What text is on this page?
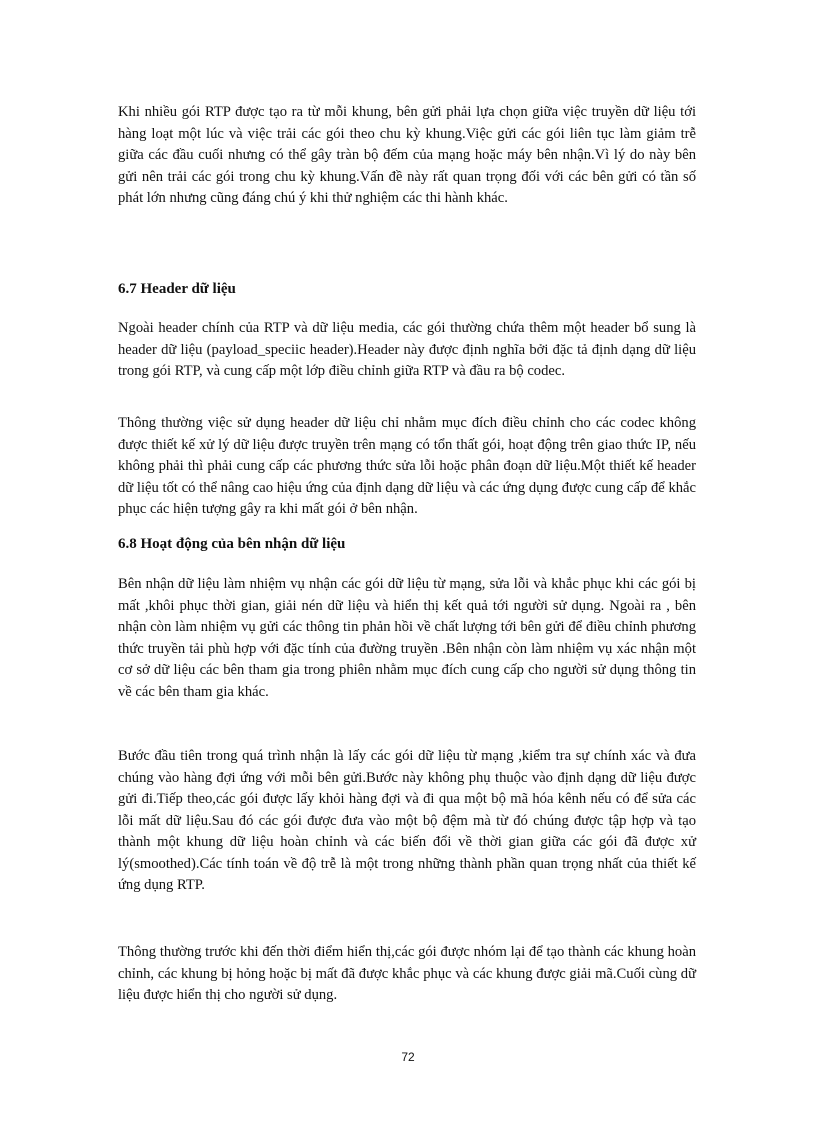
Khi nhiều gói RTP được tạo ra từ mỗi khung, bên gửi phải lựa chọn giữa việc truyền dữ liệu tới hàng loạt một lúc và việc trải các gói theo chu kỳ khung.Việc gửi các gói liên tục làm giảm trễ giữa các đầu cuối nhưng có thể gây tràn bộ đếm của mạng hoặc máy bên nhận.Vì lý do này bên gửi nên trải các gói trong chu kỳ khung.Vấn đề này rất quan trọng đối với các bên gửi có tần số phát lớn nhưng cũng đáng chú ý khi thử nghiệm các thi hành khác.

6.7 Header dữ liệu

Ngoài header chính của RTP và dữ liệu media, các gói thường chứa thêm một header bổ sung là header dữ liệu (payload_speciic header).Header này được định nghĩa bởi đặc tả định dạng dữ liệu trong gói RTP, và cung cấp một lớp điều chỉnh giữa RTP và đầu ra bộ codec.

Thông thường việc sử dụng header dữ liệu chỉ nhằm mục đích điều chỉnh cho các codec không được thiết kế xử lý dữ liệu được truyền trên mạng có tổn thất gói, hoạt động trên giao thức IP, nếu không phải thì phải cung cấp các phương thức sửa lỗi hoặc phân đoạn dữ liệu.Một thiết kế header dữ liệu tốt có thể nâng cao hiệu ứng của định dạng dữ liệu và các ứng dụng được cung cấp để khắc phục các hiện tượng gây ra khi mất gói ở bên nhận.

6.8 Hoạt động của bên nhận dữ liệu

Bên nhận dữ liệu làm nhiệm vụ nhận các gói dữ liệu từ mạng, sửa lỗi và khắc phục khi các gói bị mất ,khôi phục thời gian, giải nén dữ liệu và hiển thị kết quả tới người sử dụng. Ngoài ra , bên nhận còn làm nhiệm vụ gửi các thông tin phản hồi về chất lượng tới bên gửi để điều chỉnh phương thức truyền tải phù hợp với đặc tính của đường truyền .Bên nhận còn làm nhiệm vụ xác nhận một cơ sở dữ liệu các bên tham gia trong phiên nhằm mục đích cung cấp cho người sử dụng thông tin về các bên tham gia khác.

Bước đầu tiên trong quá trình nhận là lấy các gói dữ liệu từ mạng ,kiểm tra sự chính xác và đưa chúng vào hàng đợi ứng với mỗi bên gửi.Bước này không phụ thuộc vào định dạng dữ liệu được gửi đi.Tiếp theo,các gói được lấy khỏi hàng đợi và đi qua một bộ mã hóa kênh nếu có để sửa các lỗi mất dữ liệu.Sau đó các gói được đưa vào một bộ đệm mà từ đó chúng được tập hợp và tạo thành một khung dữ liệu hoàn chỉnh và các biến đổi về thời gian giữa các gói đã được xử lý(smoothed).Các tính toán về độ trễ là một trong những thành phần quan trọng nhất của thiết kế ứng dụng RTP.

Thông thường trước khi đến thời điểm hiển thị,các gói được nhóm lại để tạo thành các khung hoàn chỉnh, các khung bị hỏng hoặc bị mất đã được khắc phục và các khung được giải mã.Cuối cùng dữ liệu được hiển thị cho người sử dụng.

72
